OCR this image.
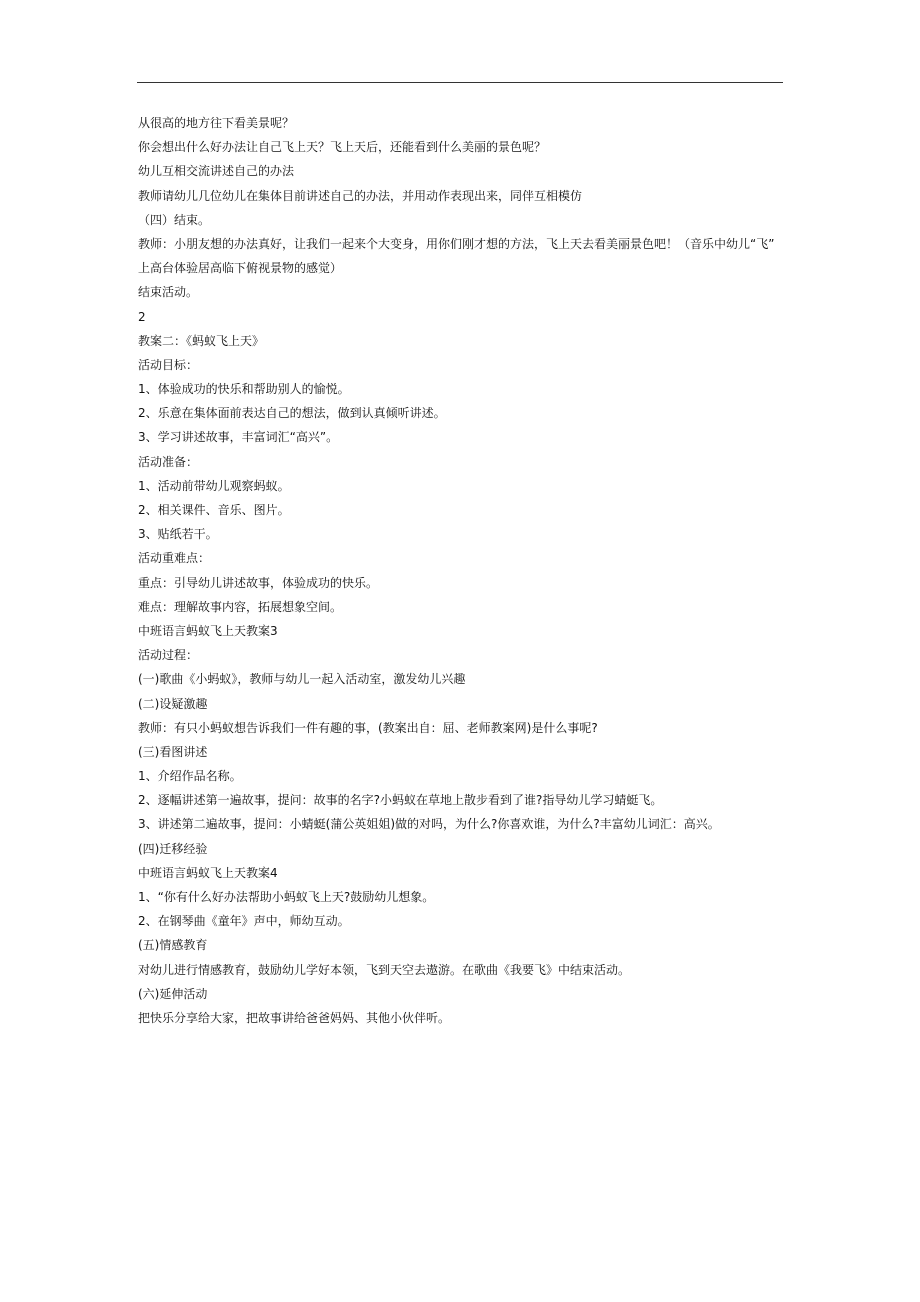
从很高的地方往下看美景呢？
你会想出什么好办法让自己飞上天？飞上天后，还能看到什么美丽的景色呢？
幼儿互相交流讲述自己的办法
教师请幼儿几位幼儿在集体目前讲述自己的办法，并用动作表现出来，同伴互相模仿
（四）结束。
教师：小朋友想的办法真好，让我们一起来个大变身，用你们刚才想的方法，飞上天去看美丽景色吧！（音乐中幼儿“飞”
上高台体验居高临下俯视景物的感觉）
结束活动。
2
教案二：《蚂蚁飞上天》
活动目标：
1、体验成功的快乐和帮助别人的愉悦。
2、乐意在集体面前表达自己的想法，做到认真倾听讲述。
3、学习讲述故事，丰富词汇“高兴”。
活动准备：
1、活动前带幼儿观察蚂蚁。
2、相关课件、音乐、图片。
3、贴纸若干。
活动重难点：
重点：引导幼儿讲述故事，体验成功的快乐。
难点：理解故事内容，拓展想象空间。
中班语言蚂蚁飞上天教案3
活动过程：
(一)歌曲《小蚂蚁》，教师与幼儿一起入活动室，激发幼儿兴趣
(二)设疑激趣
教师：有只小蚂蚁想告诉我们一件有趣的事，(教案出自：屈、老师教案网)是什么事呢?
(三)看图讲述
1、介绍作品名称。
2、逐幅讲述第一遍故事，提问：故事的名字?小蚂蚁在草地上散步看到了谁?指导幼儿学习蜻蜓飞。
3、讲述第二遍故事，提问：小蜻蜓(蒲公英姐姐)做的对吗，为什么?你喜欢谁，为什么?丰富幼儿词汇：高兴。
(四)迁移经验
中班语言蚂蚁飞上天教案4
1、“你有什么好办法帮助小蚂蚁飞上天?鼓励幼儿想象。
2、在钢琴曲《童年》声中，师幼互动。
(五)情感教育
对幼儿进行情感教育，鼓励幼儿学好本领，飞到天空去遨游。在歌曲《我要飞》中结束活动。
(六)延伸活动
把快乐分享给大家，把故事讲给爸爸妈妈、其他小伙伴听。
